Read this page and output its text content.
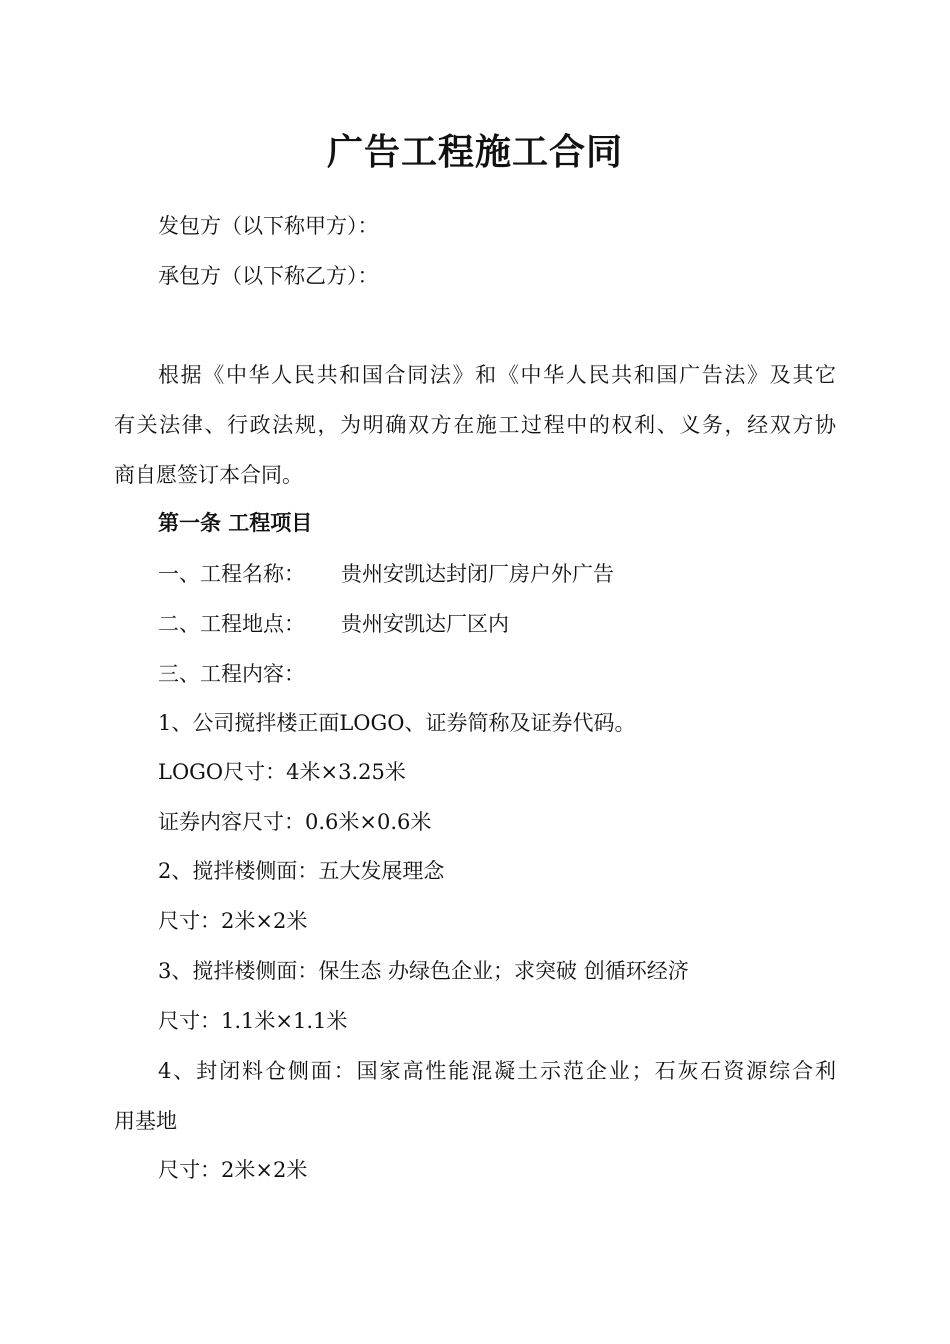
广告工程施工合同
发包方（以下称甲方）：
承包方（以下称乙方）：
根据《中华人民共和国合同法》和《中华人民共和国广告法》及其它
有关法律、行政法规，为明确双方在施工过程中的权利、义务，经双方协
商自愿签订本合同。
第一条 工程项目
一、工程名称： 贵州安凯达封闭厂房户外广告
二、工程地点： 贵州安凯达厂区内
三、工程内容：
1、公司搅拌楼正面LOGO、证券简称及证券代码。
LOGO尺寸：4米×3.25米
证券内容尺寸：0.6米×0.6米
2、搅拌楼侧面：五大发展理念
尺寸：2米×2米
3、搅拌楼侧面：保生态 办绿色企业；求突破 创循环经济
尺寸：1.1米×1.1米
4、封闭料仓侧面：国家高性能混凝土示范企业；石灰石资源综合利
用基地
尺寸：2米×2米
